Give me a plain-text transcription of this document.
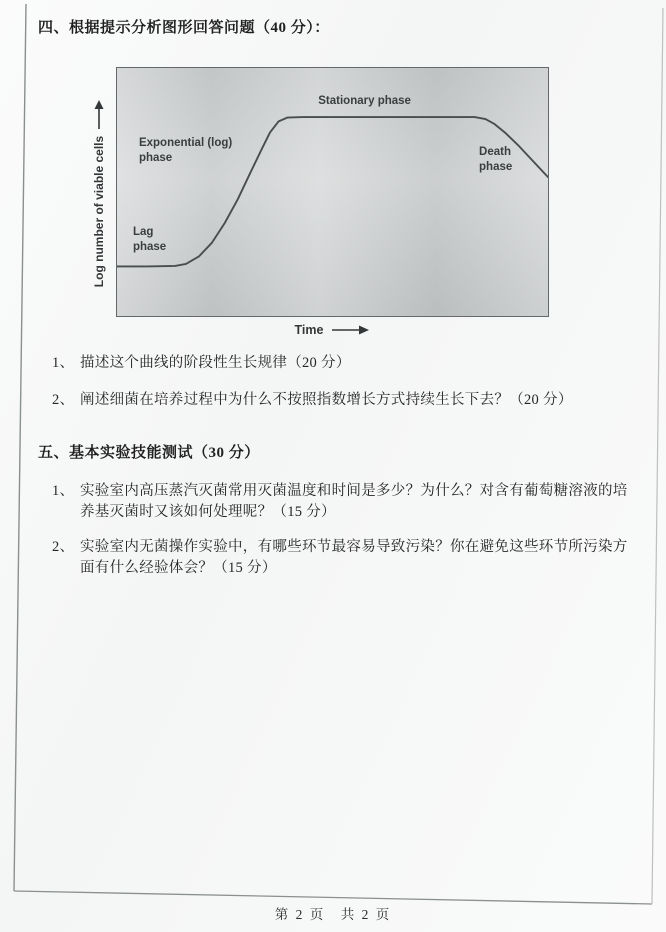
四、根据提示分析图形回答问题（40 分）：
Log number of viable cells Lag phase
Exponential (log) phase
Stationary phase
Death phase
Time
1、 描述这个曲线的阶段性生长规律（20 分）
2、 阐述细菌在培养过程中为什么不按照指数增长方式持续生长下去？（20 分）
五、基本实验技能测试（30 分）
1、 实验室内高压蒸汽灭菌常用灭菌温度和时间是多少？为什么？对含有葡萄糖溶液的培养基灭菌时又该如何处理呢？（15 分）
2、 实验室内无菌操作实验中，有哪些环节最容易导致污染？你在避免这些环节所污染方面有什么经验体会？（15 分）
第 2 页　共 2 页
